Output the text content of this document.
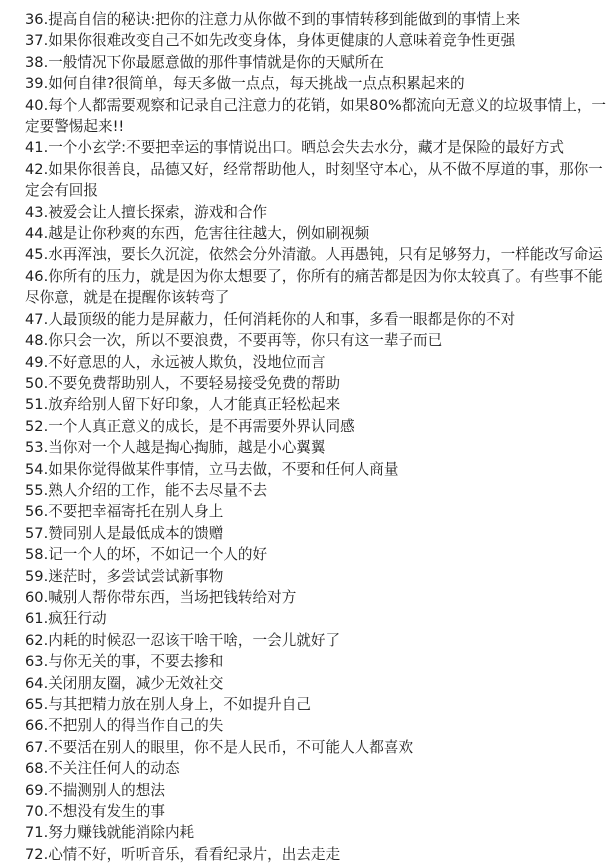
36.提高自信的秘诀:把你的注意力从你做不到的事情转移到能做到的事情上来

37.如果你很难改变自己不如先改变身体，身体更健康的人意味着竞争性更强

38.一般情况下你最愿意做的那件事情就是你的天赋所在

39.如何自律?很简单，每天多做一点点，每天挑战一点点积累起来的

40.每个人都需要观察和记录自己注意力的花销，如果80%都流向无意义的垃圾事情上，一定要警惕起来!!

41.一个小玄学:不要把幸运的事情说出口。晒总会失去水分，藏才是保险的最好方式

42.如果你很善良，品德又好，经常帮助他人，时刻坚守本心，从不做不厚道的事，那你一定会有回报

43.被爱会让人擅长探索，游戏和合作

44.越是让你秒爽的东西，危害往往越大，例如刷视频

45.水再浑浊，要长久沉淀，依然会分外清澈。人再愚钝，只有足够努力，一样能改写命运

46.你所有的压力，就是因为你太想要了，你所有的痛苦都是因为你太较真了。有些事不能尽你意，就是在提醒你该转弯了

47.人最顶级的能力是屏蔽力，任何消耗你的人和事，多看一眼都是你的不对

48.你只会一次，所以不要浪费，不要再等，你只有这一辈子而已

49.不好意思的人，永远被人欺负，没地位而言

50.不要免费帮助别人，不要轻易接受免费的帮助

51.放弃给别人留下好印象，人才能真正轻松起来

52.一个人真正意义的成长，是不再需要外界认同感

53.当你对一个人越是掏心掏肺，越是小心翼翼

54.如果你觉得做某件事情，立马去做，不要和任何人商量

55.熟人介绍的工作，能不去尽量不去

56.不要把幸福寄托在别人身上

57.赞同别人是最低成本的馈赠

58.记一个人的坏，不如记一个人的好

59.迷茫时，多尝试尝试新事物

60.喊别人帮你带东西，当场把钱转给对方

61.疯狂行动

62.内耗的时候忍一忍该干啥干啥，一会儿就好了

63.与你无关的事，不要去掺和

64.关闭朋友圈，减少无效社交

65.与其把精力放在别人身上，不如提升自己

66.不把别人的得当作自己的失

67.不要活在别人的眼里，你不是人民币，不可能人人都喜欢

68.不关注任何人的动态

69.不揣测别人的想法

70.不想没有发生的事

71.努力赚钱就能消除内耗

72.心情不好，听听音乐，看看纪录片，出去走走
